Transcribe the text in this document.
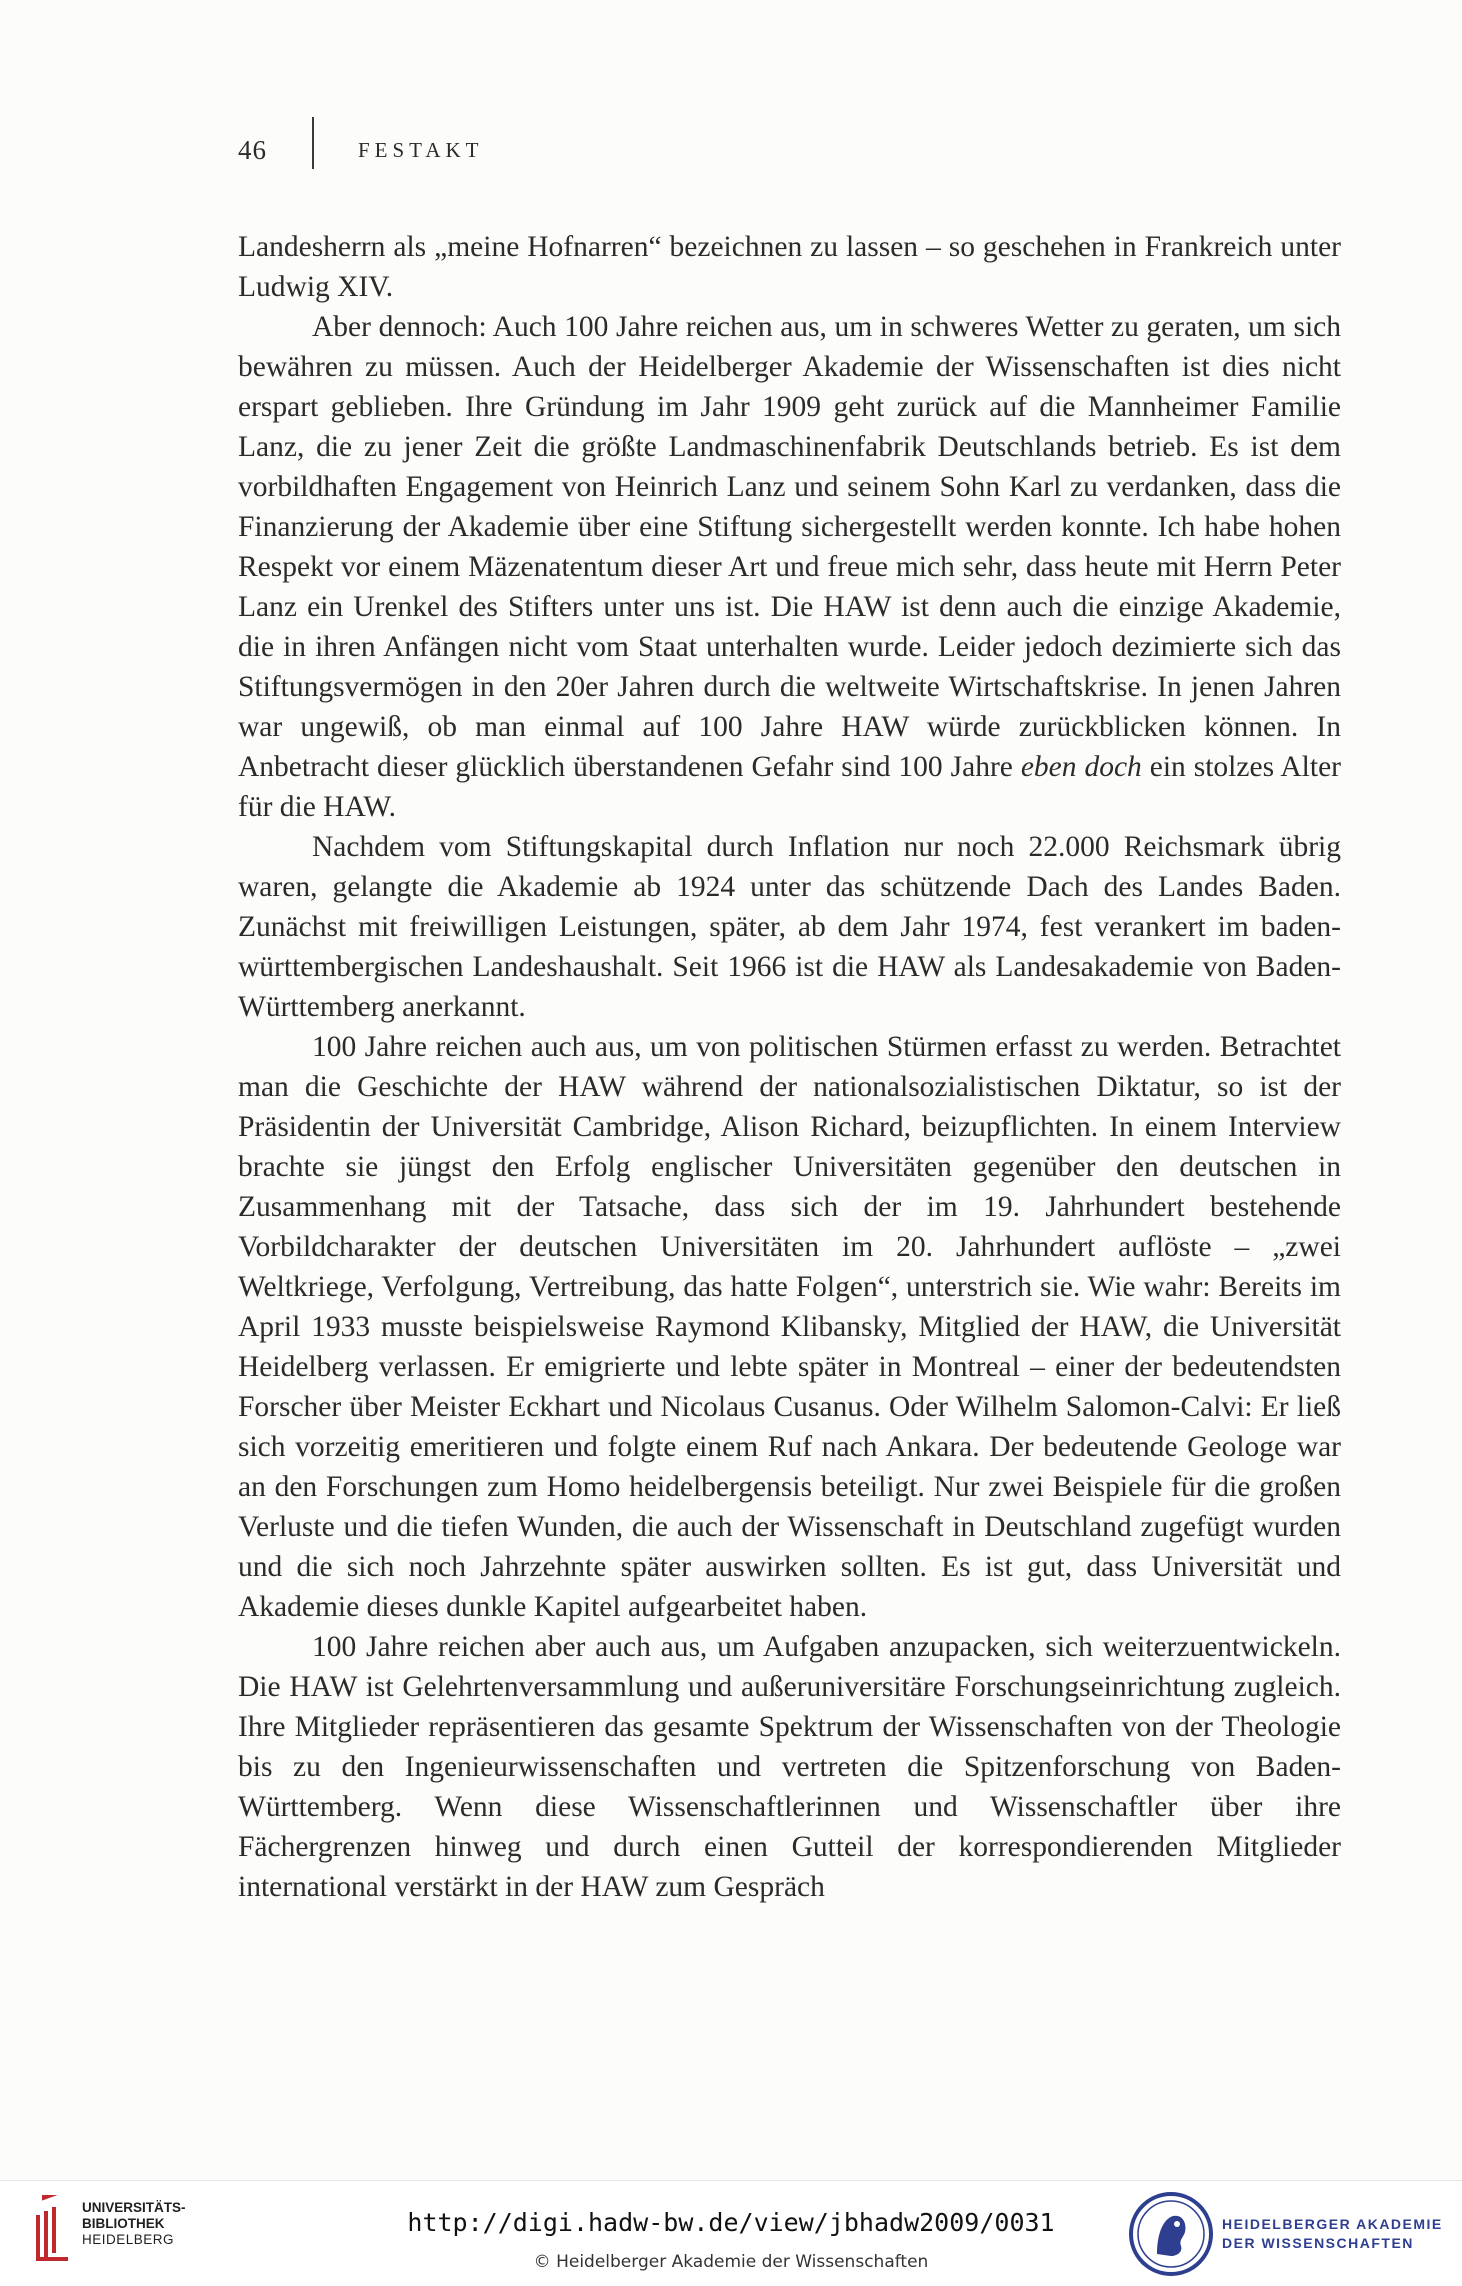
46	FESTAKT

Landesherrn als „meine Hofnarren“ bezeichnen zu lassen – so geschehen in Frankreich unter Ludwig XIV.

Aber dennoch: Auch 100 Jahre reichen aus, um in schweres Wetter zu geraten, um sich bewähren zu müssen. Auch der Heidelberger Akademie der Wissenschaften ist dies nicht erspart geblieben. Ihre Gründung im Jahr 1909 geht zurück auf die Mannheimer Familie Lanz, die zu jener Zeit die größte Landmaschinenfabrik Deutschlands betrieb. Es ist dem vorbildhaften Engagement von Heinrich Lanz und seinem Sohn Karl zu verdanken, dass die Finanzierung der Akademie über eine Stiftung sichergestellt werden konnte. Ich habe hohen Respekt vor einem Mäzenatentum dieser Art und freue mich sehr, dass heute mit Herrn Peter Lanz ein Urenkel des Stifters unter uns ist. Die HAW ist denn auch die einzige Akademie, die in ihren Anfängen nicht vom Staat unterhalten wurde. Leider jedoch dezimierte sich das Stiftungsvermögen in den 20er Jahren durch die weltweite Wirtschaftskrise. In jenen Jahren war ungewiß, ob man einmal auf 100 Jahre HAW würde zurückblicken können. In Anbetracht dieser glücklich überstandenen Gefahr sind 100 Jahre eben doch ein stolzes Alter für die HAW.

Nachdem vom Stiftungskapital durch Inflation nur noch 22.000 Reichsmark übrig waren, gelangte die Akademie ab 1924 unter das schützende Dach des Landes Baden. Zunächst mit freiwilligen Leistungen, später, ab dem Jahr 1974, fest verankert im baden-württembergischen Landeshaushalt. Seit 1966 ist die HAW als Landesakademie von Baden-Württemberg anerkannt.

100 Jahre reichen auch aus, um von politischen Stürmen erfasst zu werden. Betrachtet man die Geschichte der HAW während der nationalsozialistischen Diktatur, so ist der Präsidentin der Universität Cambridge, Alison Richard, beizupflichten. In einem Interview brachte sie jüngst den Erfolg englischer Universitäten gegenüber den deutschen in Zusammenhang mit der Tatsache, dass sich der im 19. Jahrhundert bestehende Vorbildcharakter der deutschen Universitäten im 20. Jahrhundert auflöste – „zwei Weltkriege, Verfolgung, Vertreibung, das hatte Folgen“, unterstrich sie. Wie wahr: Bereits im April 1933 musste beispielsweise Raymond Klibansky, Mitglied der HAW, die Universität Heidelberg verlassen. Er emigrierte und lebte später in Montreal – einer der bedeutendsten Forscher über Meister Eckhart und Nicolaus Cusanus. Oder Wilhelm Salomon-Calvi: Er ließ sich vorzeitig emeritieren und folgte einem Ruf nach Ankara. Der bedeutende Geologe war an den Forschungen zum Homo heidelbergensis beteiligt. Nur zwei Beispiele für die großen Verluste und die tiefen Wunden, die auch der Wissenschaft in Deutschland zugefügt wurden und die sich noch Jahrzehnte später auswirken sollten. Es ist gut, dass Universität und Akademie dieses dunkle Kapitel aufgearbeitet haben.

100 Jahre reichen aber auch aus, um Aufgaben anzupacken, sich weiterzuentwickeln. Die HAW ist Gelehrtenversammlung und außeruniversitäre Forschungseinrichtung zugleich. Ihre Mitglieder repräsentieren das gesamte Spektrum der Wissenschaften von der Theologie bis zu den Ingenieurwissenschaften und vertreten die Spitzenforschung von Baden-Württemberg. Wenn diese Wissenschaftlerinnen und Wissenschaftler über ihre Fächergrenzen hinweg und durch einen Gutteil der korrespondierenden Mitglieder international verstärkt in der HAW zum Gespräch

UNIVERSITÄTS-
BIBLIOTHEK
HEIDELBERG
http://digi.hadw-bw.de/view/jbhadw2009/0031
© Heidelberger Akademie der Wissenschaften
HEIDELBERGER AKADEMIE
DER WISSENSCHAFTEN
